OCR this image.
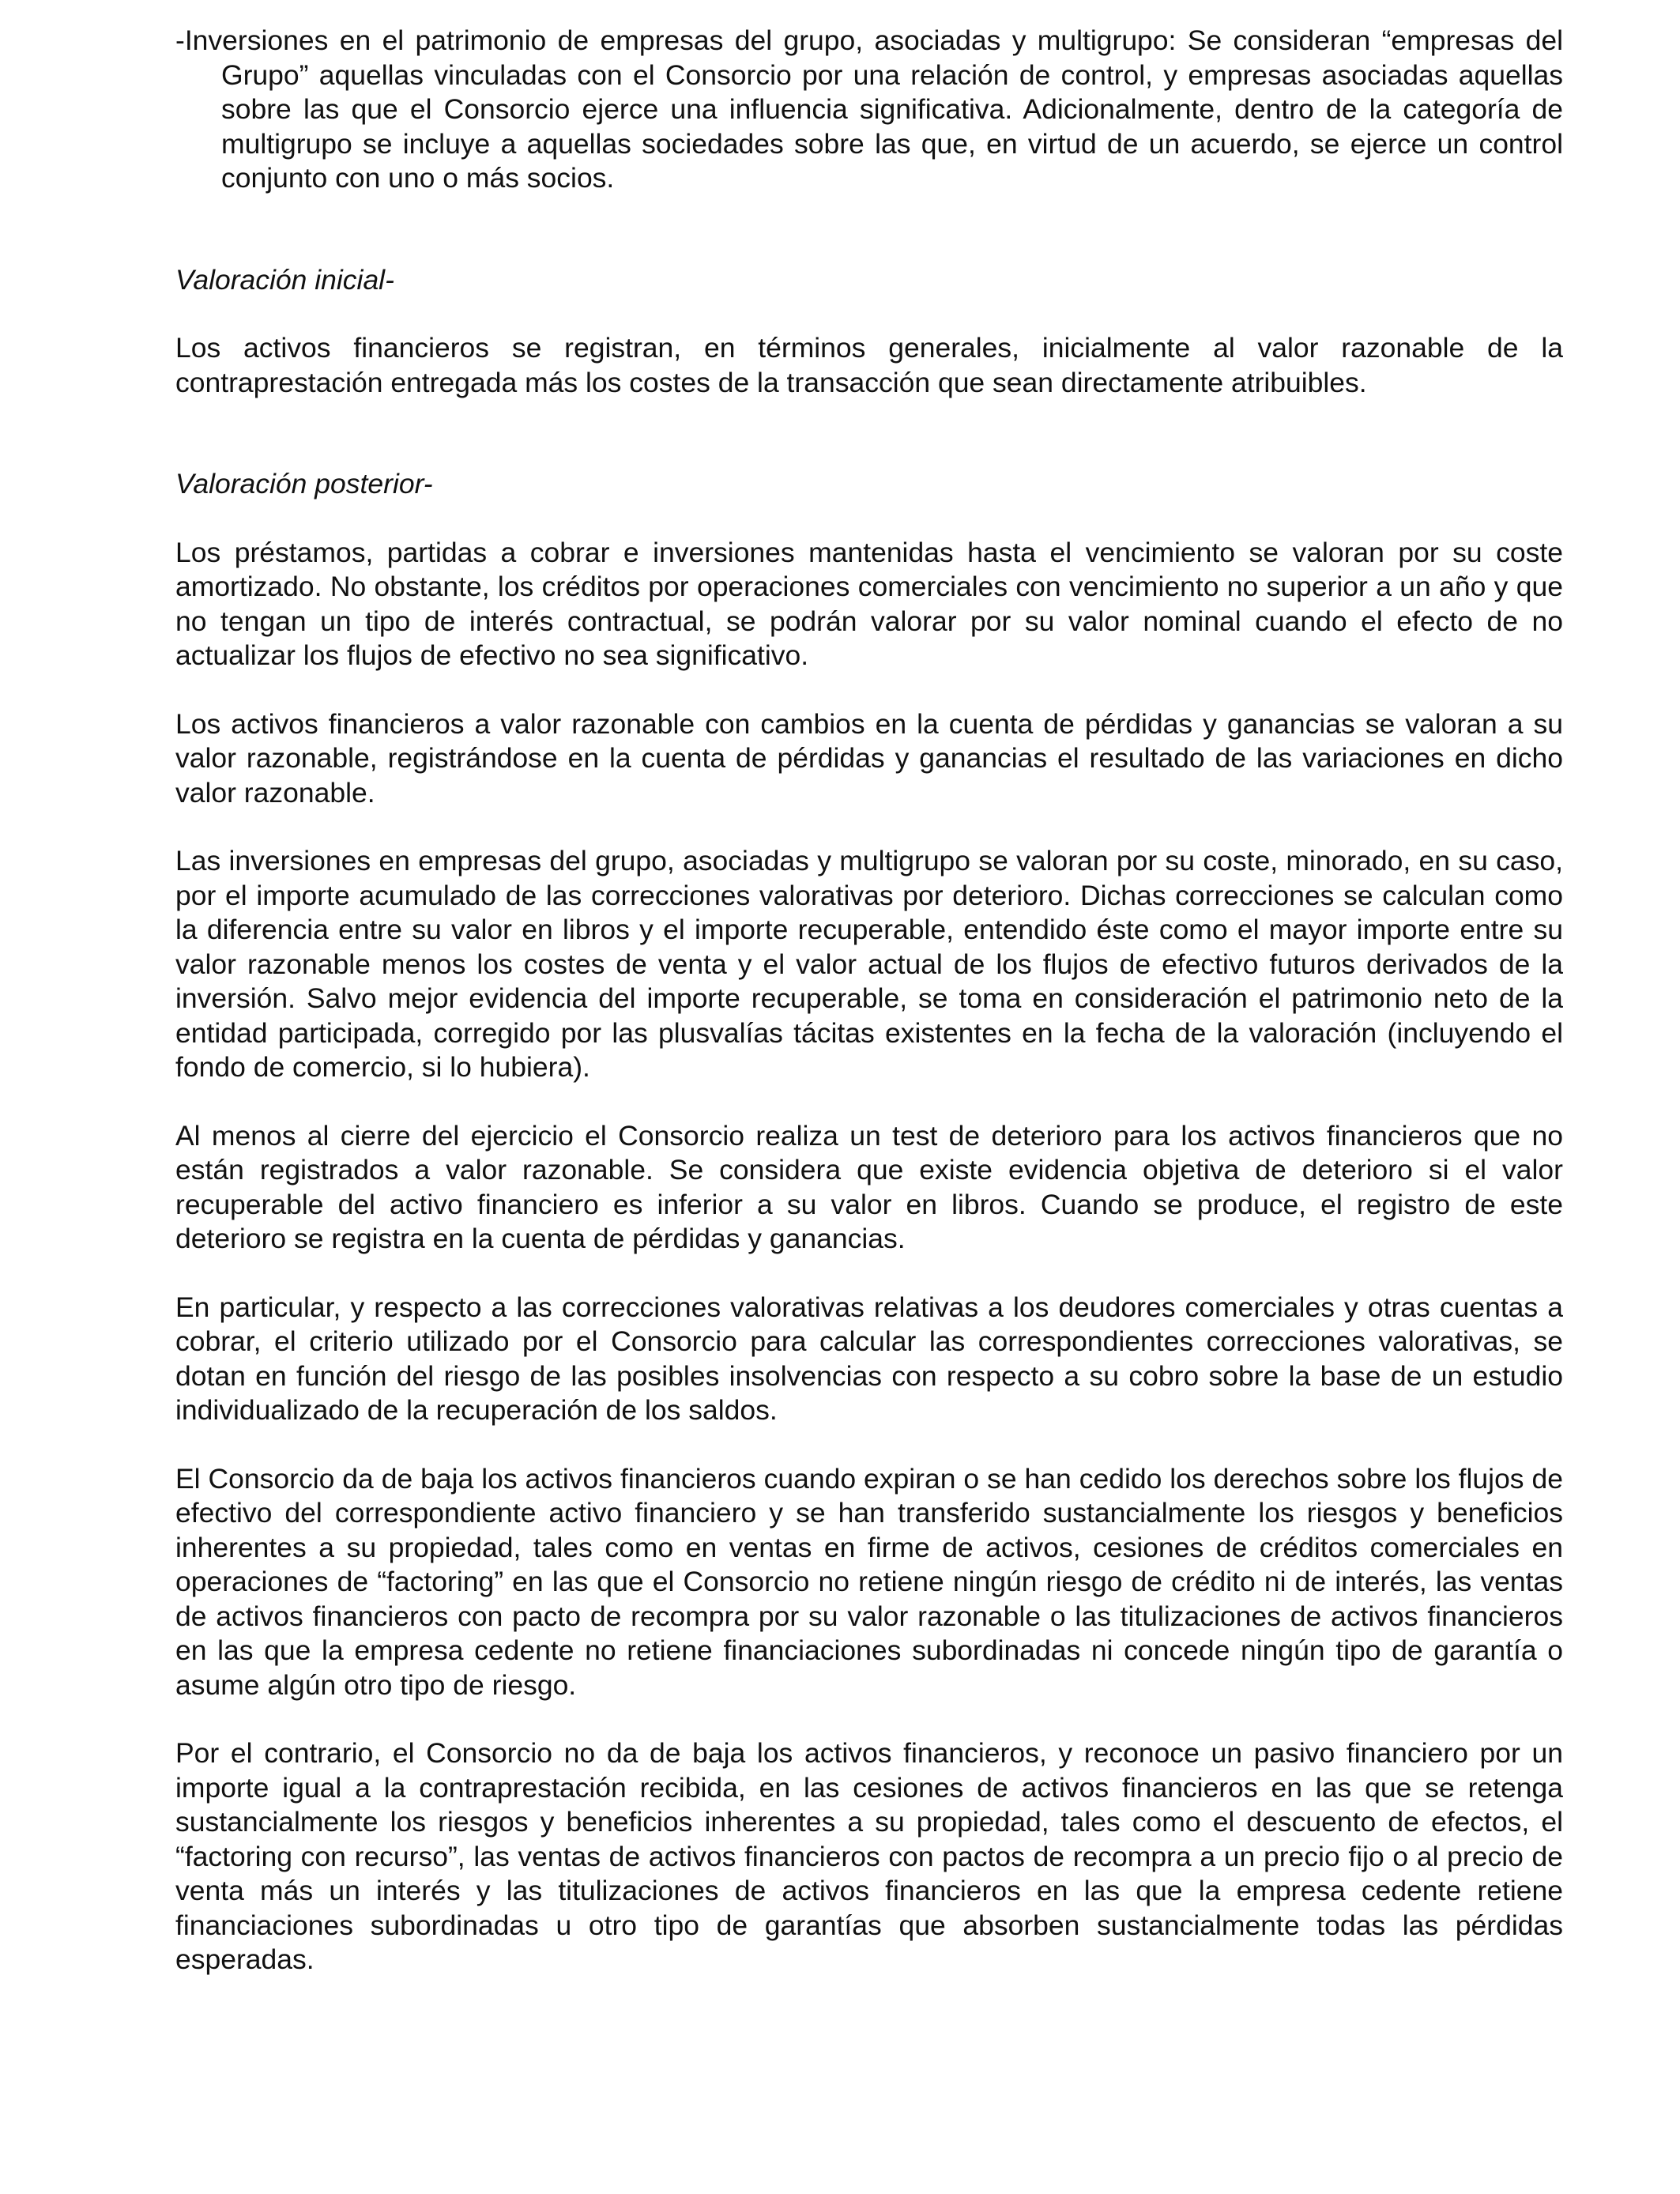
-Inversiones en el patrimonio de empresas del grupo, asociadas y multigrupo: Se consideran “empresas del Grupo” aquellas vinculadas con el Consorcio por una relación de control, y empresas asociadas aquellas sobre las que el Consorcio ejerce una influencia significativa. Adicionalmente, dentro de la categoría de multigrupo se incluye a aquellas sociedades sobre las que, en virtud de un acuerdo, se ejerce un control conjunto con uno o más socios.

Valoración inicial-

Los activos financieros se registran, en términos generales, inicialmente al valor razonable de la contraprestación entregada más los costes de la transacción que sean directamente atribuibles.

Valoración posterior-

Los préstamos, partidas a cobrar e inversiones mantenidas hasta el vencimiento se valoran por su coste amortizado. No obstante, los créditos por operaciones comerciales con vencimiento no superior a un año y que no tengan un tipo de interés contractual, se podrán valorar por su valor nominal cuando el efecto de no actualizar los flujos de efectivo no sea significativo.

Los activos financieros a valor razonable con cambios en la cuenta de pérdidas y ganancias se valoran a su valor razonable, registrándose en la cuenta de pérdidas y ganancias el resultado de las variaciones en dicho valor razonable.

Las inversiones en empresas del grupo, asociadas y multigrupo se valoran por su coste, minorado, en su caso, por el importe acumulado de las correcciones valorativas por deterioro. Dichas correcciones se calculan como la diferencia entre su valor en libros y el importe recuperable, entendido éste como el mayor importe entre su valor razonable menos los costes de venta y el valor actual de los flujos de efectivo futuros derivados de la inversión. Salvo mejor evidencia del importe recuperable, se toma en consideración el patrimonio neto de la entidad participada, corregido por las plusvalías tácitas existentes en la fecha de la valoración (incluyendo el fondo de comercio, si lo hubiera).

Al menos al cierre del ejercicio el Consorcio realiza un test de deterioro para los activos financieros que no están registrados a valor razonable. Se considera que existe evidencia objetiva de deterioro si el valor recuperable del activo financiero es inferior a su valor en libros. Cuando se produce, el registro de este deterioro se registra en la cuenta de pérdidas y ganancias.

En particular, y respecto a las correcciones valorativas relativas a los deudores comerciales y otras cuentas a cobrar, el criterio utilizado por el Consorcio para calcular las correspondientes correcciones valorativas, se dotan en función del riesgo de las posibles insolvencias con respecto a su cobro sobre la base de un estudio individualizado de la recuperación de los saldos.

El Consorcio da de baja los activos financieros cuando expiran o se han cedido los derechos sobre los flujos de efectivo del correspondiente activo financiero y se han transferido sustancialmente los riesgos y beneficios inherentes a su propiedad, tales como en ventas en firme de activos, cesiones de créditos comerciales en operaciones de “factoring” en las que el Consorcio no retiene ningún riesgo de crédito ni de interés, las ventas de activos financieros con pacto de recompra por su valor razonable o las titulizaciones de activos financieros en las que la empresa cedente no retiene financiaciones subordinadas ni concede ningún tipo de garantía o asume algún otro tipo de riesgo.

Por el contrario, el Consorcio no da de baja los activos financieros, y reconoce un pasivo financiero por un importe igual a la contraprestación recibida, en las cesiones de activos financieros en las que se retenga sustancialmente los riesgos y beneficios inherentes a su propiedad, tales como el descuento de efectos, el “factoring con recurso”, las ventas de activos financieros con pactos de recompra a un precio fijo o al precio de venta más un interés y las titulizaciones de activos financieros en las que la empresa cedente retiene financiaciones subordinadas u otro tipo de garantías que absorben sustancialmente todas las pérdidas esperadas.
